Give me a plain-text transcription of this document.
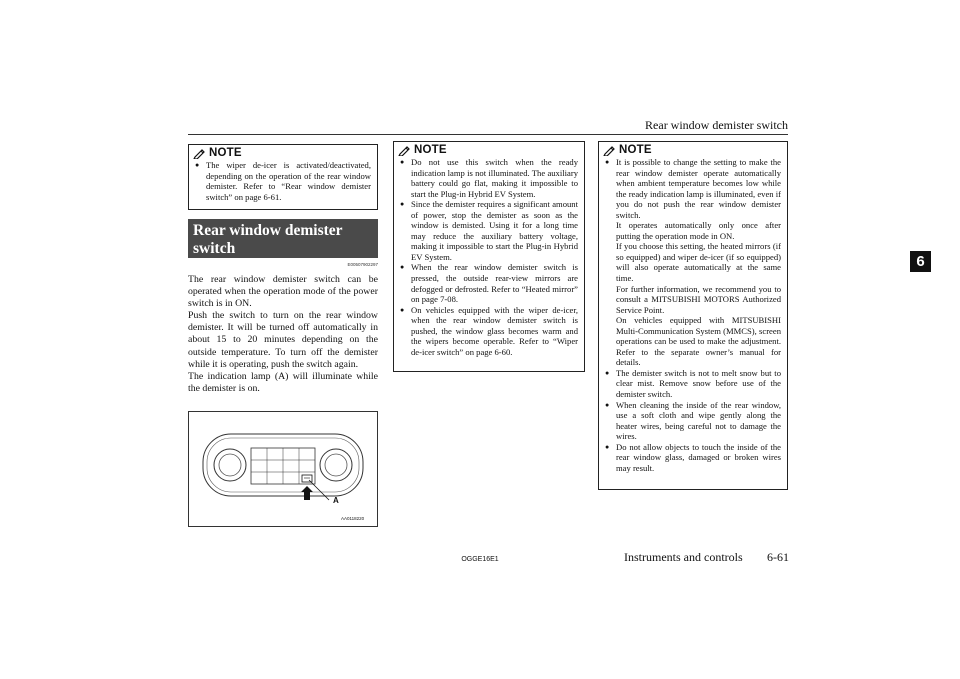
Rear window demister switch
6
NOTE
● The wiper de-icer is activated/deactivated, depending on the operation of the rear window demister. Refer to “Rear window demister switch” on page 6-61.

Rear window demister switch
E00507902297

The rear window demister switch can be operated when the operation mode of the power switch is in ON.

Push the switch to turn on the rear window demister. It will be turned off automatically in about 15 to 20 minutes depending on the outside temperature. To turn off the demister while it is operating, push the switch again.

The indication lamp (A) will illuminate while the demister is on.

A
AA0118220
NOTE
● Do not use this switch when the ready indication lamp is not illuminated. The auxiliary battery could go flat, making it impossible to start the Plug-in Hybrid EV System.

● Since the demister requires a significant amount of power, stop the demister as soon as the window is demisted. Using it for a long time may reduce the auxiliary battery voltage, making it impossible to start the Plug-in Hybrid EV System.

● When the rear window demister switch is pressed, the outside rear-view mirrors are defogged or defrosted. Refer to “Heated mirror” on page 7-08.

● On vehicles equipped with the wiper de-icer, when the rear window demister switch is pushed, the window glass becomes warm and the wipers become operable. Refer to “Wiper de-icer switch” on page 6-60.

NOTE
● It is possible to change the setting to make the rear window demister operate automatically when ambient temperature becomes low while the ready indication lamp is illuminated, even if you do not push the rear window demister switch.

It operates automatically only once after putting the operation mode in ON.

If you choose this setting, the heated mirrors (if so equipped) and wiper de-icer (if so equipped) will also operate automatically at the same time.

For further information, we recommend you to consult a MITSUBISHI MOTORS Authorized Service Point.

On vehicles equipped with MITSUBISHI Multi-Communication System (MMCS), screen operations can be used to make the adjustment. Refer to the separate owner’s manual for details.

● The demister switch is not to melt snow but to clear mist. Remove snow before use of the demister switch.

● When cleaning the inside of the rear window, use a soft cloth and wipe gently along the heater wires, being careful not to damage the wires.

● Do not allow objects to touch the inside of the rear window glass, damaged or broken wires may result.

OGGE16E1	Instruments and controls	6-61
